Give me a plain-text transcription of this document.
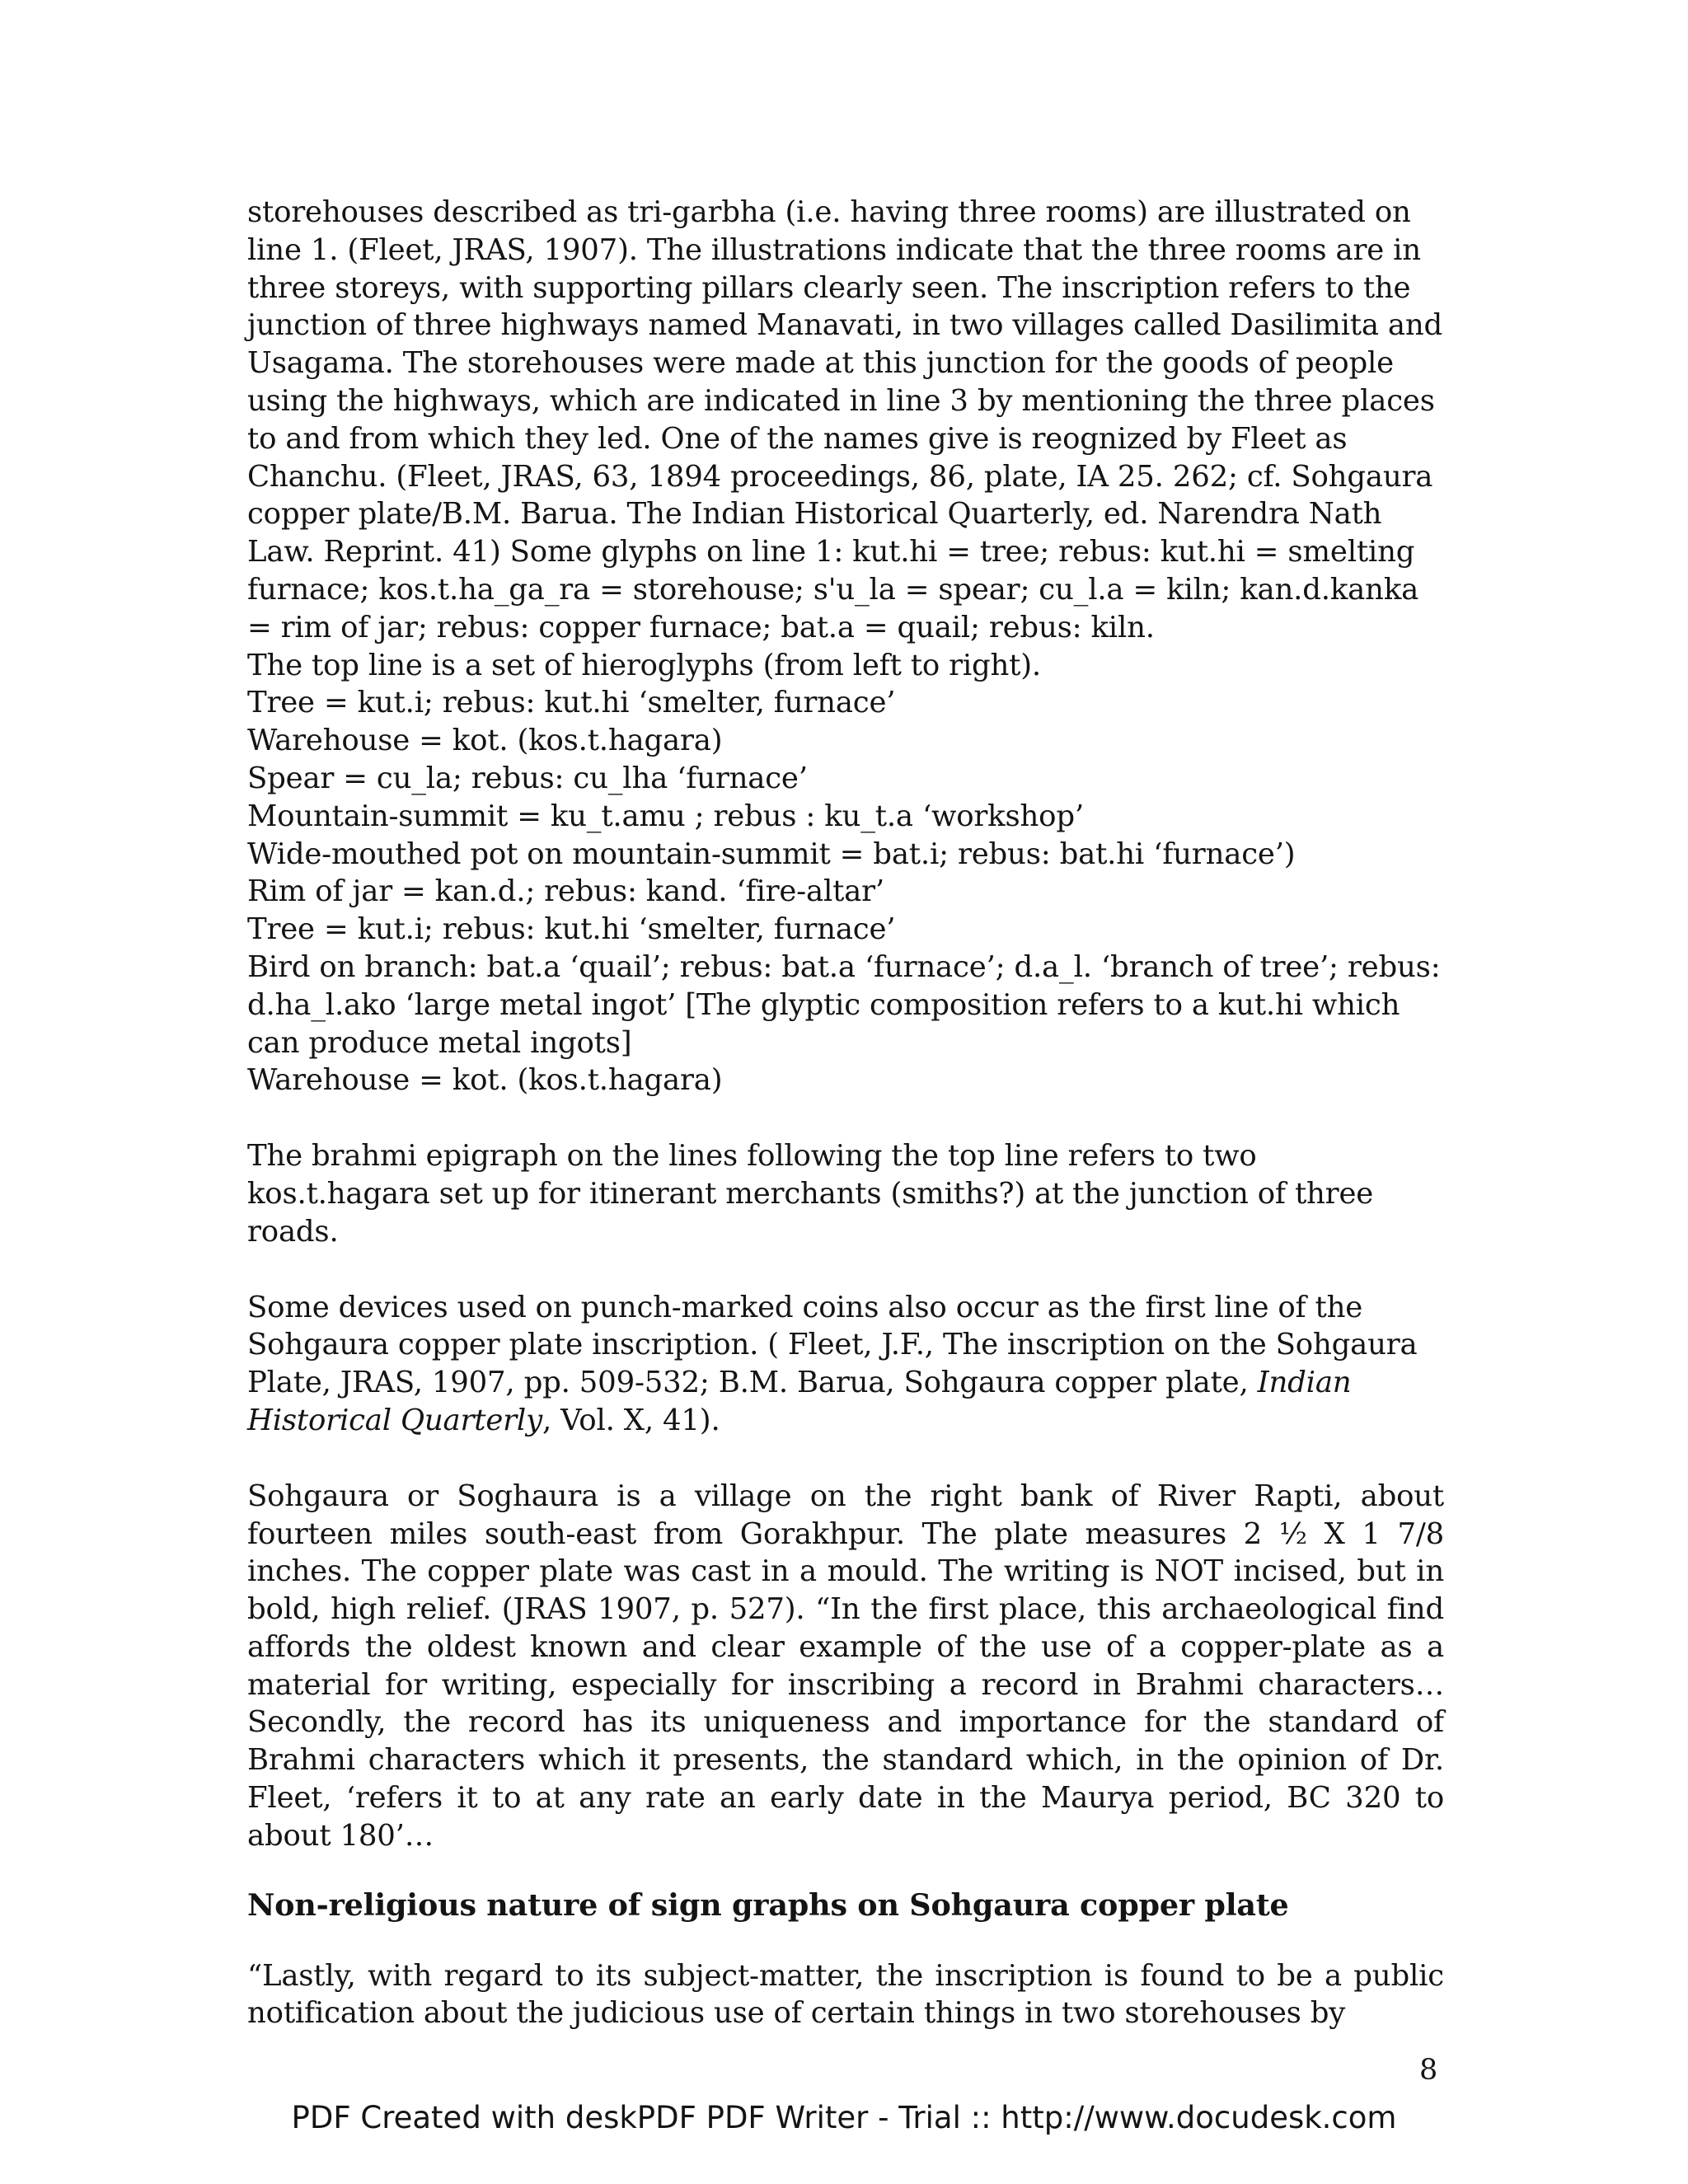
storehouses described as tri-garbha (i.e. having three rooms) are illustrated on line 1. (Fleet, JRAS, 1907). The illustrations indicate that the three rooms are in three storeys, with supporting pillars clearly seen. The inscription refers to the junction of three highways named Manavati, in two villages called Dasilimita and Usagama. The storehouses were made at this junction for the goods of people using the highways, which are indicated in line 3 by mentioning the three places to and from which they led. One of the names give is reognized by Fleet as Chanchu. (Fleet, JRAS, 63, 1894 proceedings, 86, plate, IA 25. 262; cf. Sohgaura copper plate/B.M. Barua. The Indian Historical Quarterly, ed. Narendra Nath Law. Reprint. 41) Some glyphs on line 1: kut.hi = tree; rebus: kut.hi = smelting furnace; kos.t.ha_ga_ra = storehouse; s'u_la = spear; cu_l.a = kiln; kan.d.kanka = rim of jar; rebus: copper furnace; bat.a = quail; rebus: kiln.

The top line is a set of hieroglyphs (from left to right).

Tree = kut.i; rebus: kut.hi ‘smelter, furnace’

Warehouse = kot. (kos.t.hagara)

Spear = cu_la; rebus: cu_lha ‘furnace’

Mountain-summit = ku_t.amu ; rebus : ku_t.a ‘workshop’

Wide-mouthed pot on mountain-summit = bat.i; rebus: bat.hi ‘furnace’)

Rim of jar = kan.d.; rebus: kand. ‘fire-altar’

Tree = kut.i; rebus: kut.hi ‘smelter, furnace’

Bird on branch: bat.a ‘quail’; rebus: bat.a ‘furnace’; d.a_l. ‘branch of tree’; rebus: d.ha_l.ako ‘large metal ingot’ [The glyptic composition refers to a kut.hi which can produce metal ingots]

Warehouse = kot. (kos.t.hagara)

The brahmi epigraph on the lines following the top line refers to two kos.t.hagara set up for itinerant merchants (smiths?) at the junction of three roads.

Some devices used on punch-marked coins also occur as the first line of the Sohgaura copper plate inscription. ( Fleet, J.F., The inscription on the Sohgaura Plate, JRAS, 1907, pp. 509-532; B.M. Barua, Sohgaura copper plate, Indian Historical Quarterly, Vol. X, 41).

Sohgaura or Soghaura is a village on the right bank of River Rapti, about fourteen miles south-east from Gorakhpur. The plate measures 2 ½ X 1 7/8 inches. The copper plate was cast in a mould. The writing is NOT incised, but in bold, high relief. (JRAS 1907, p. 527). “In the first place, this archaeological find affords the oldest known and clear example of the use of a copper-plate as a material for writing, especially for inscribing a record in Brahmi characters…Secondly, the record has its uniqueness and importance for the standard of Brahmi characters which it presents, the standard which, in the opinion of Dr. Fleet, ‘refers it to at any rate an early date in the Maurya period, BC 320 to about 180’…

Non-religious nature of sign graphs on Sohgaura copper plate

“Lastly, with regard to its subject-matter, the inscription is found to be a public notification about the judicious use of certain things in two storehouses by

8
PDF Created with deskPDF PDF Writer - Trial :: http://www.docudesk.com
